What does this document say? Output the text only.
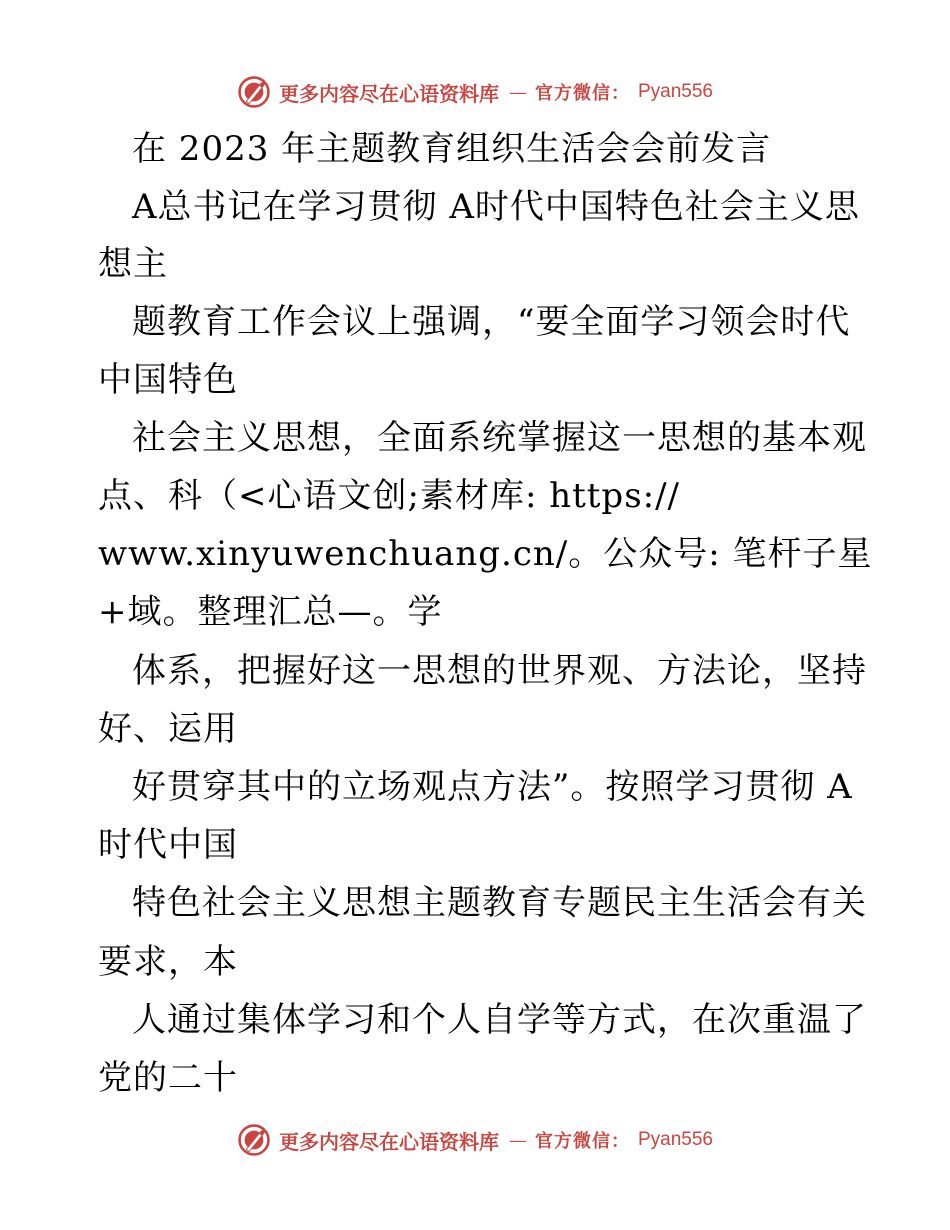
更多内容尽在心语资料库 — 官方微信： Pyan556
在 2023 年主题教育组织生活会会前发言
A总书记在学习贯彻 A时代中国特色社会主义思
想主
题教育工作会议上强调，“要全面学习领会时代
中国特色
社会主义思想，全面系统掌握这一思想的基本观
点、科（<心语文创;素材库: https://
www.xinyuwenchuang.cn/。公众号: 笔杆子星
+域。整理汇总—。学
体系，把握好这一思想的世界观、方法论，坚持
好、运用
好贯穿其中的立场观点方法”。按照学习贯彻 A
时代中国
特色社会主义思想主题教育专题民主生活会有关
要求，本
人通过集体学习和个人自学等方式，在次重温了
党的二十
更多内容尽在心语资料库 — 官方微信： Pyan556
